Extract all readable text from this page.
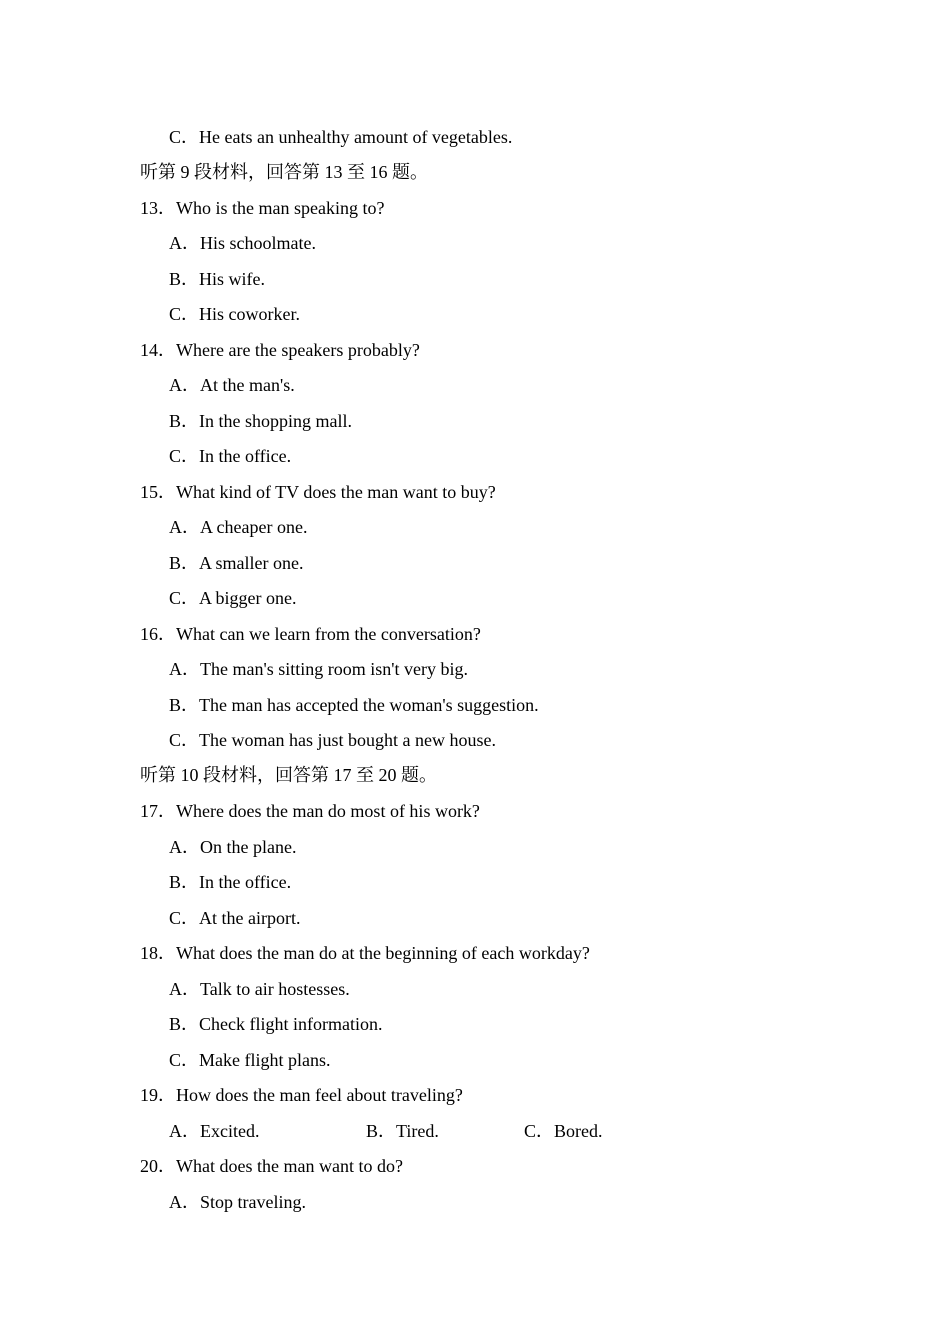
C．He eats an unhealthy amount of vegetables.
听第 9 段材料，回答第 13 至 16 题。
13．Who is the man speaking to?
A．His schoolmate.
B．His wife.
C．His coworker.
14．Where are the speakers probably?
A．At the man's.
B．In the shopping mall.
C．In the office.
15．What kind of TV does the man want to buy?
A．A cheaper one.
B．A smaller one.
C．A bigger one.
16．What can we learn from the conversation?
A．The man's sitting room isn't very big.
B．The man has accepted the woman's suggestion.
C．The woman has just bought a new house.
听第 10 段材料，回答第 17 至 20 题。
17．Where does the man do most of his work?
A．On the plane.
B．In the office.
C．At the airport.
18．What does the man do at the beginning of each workday?
A．Talk to air hostesses.
B．Check flight information.
C．Make flight plans.
19．How does the man feel about traveling?
A．Excited.	B．Tired.	C．Bored.
20．What does the man want to do?
A．Stop traveling.
